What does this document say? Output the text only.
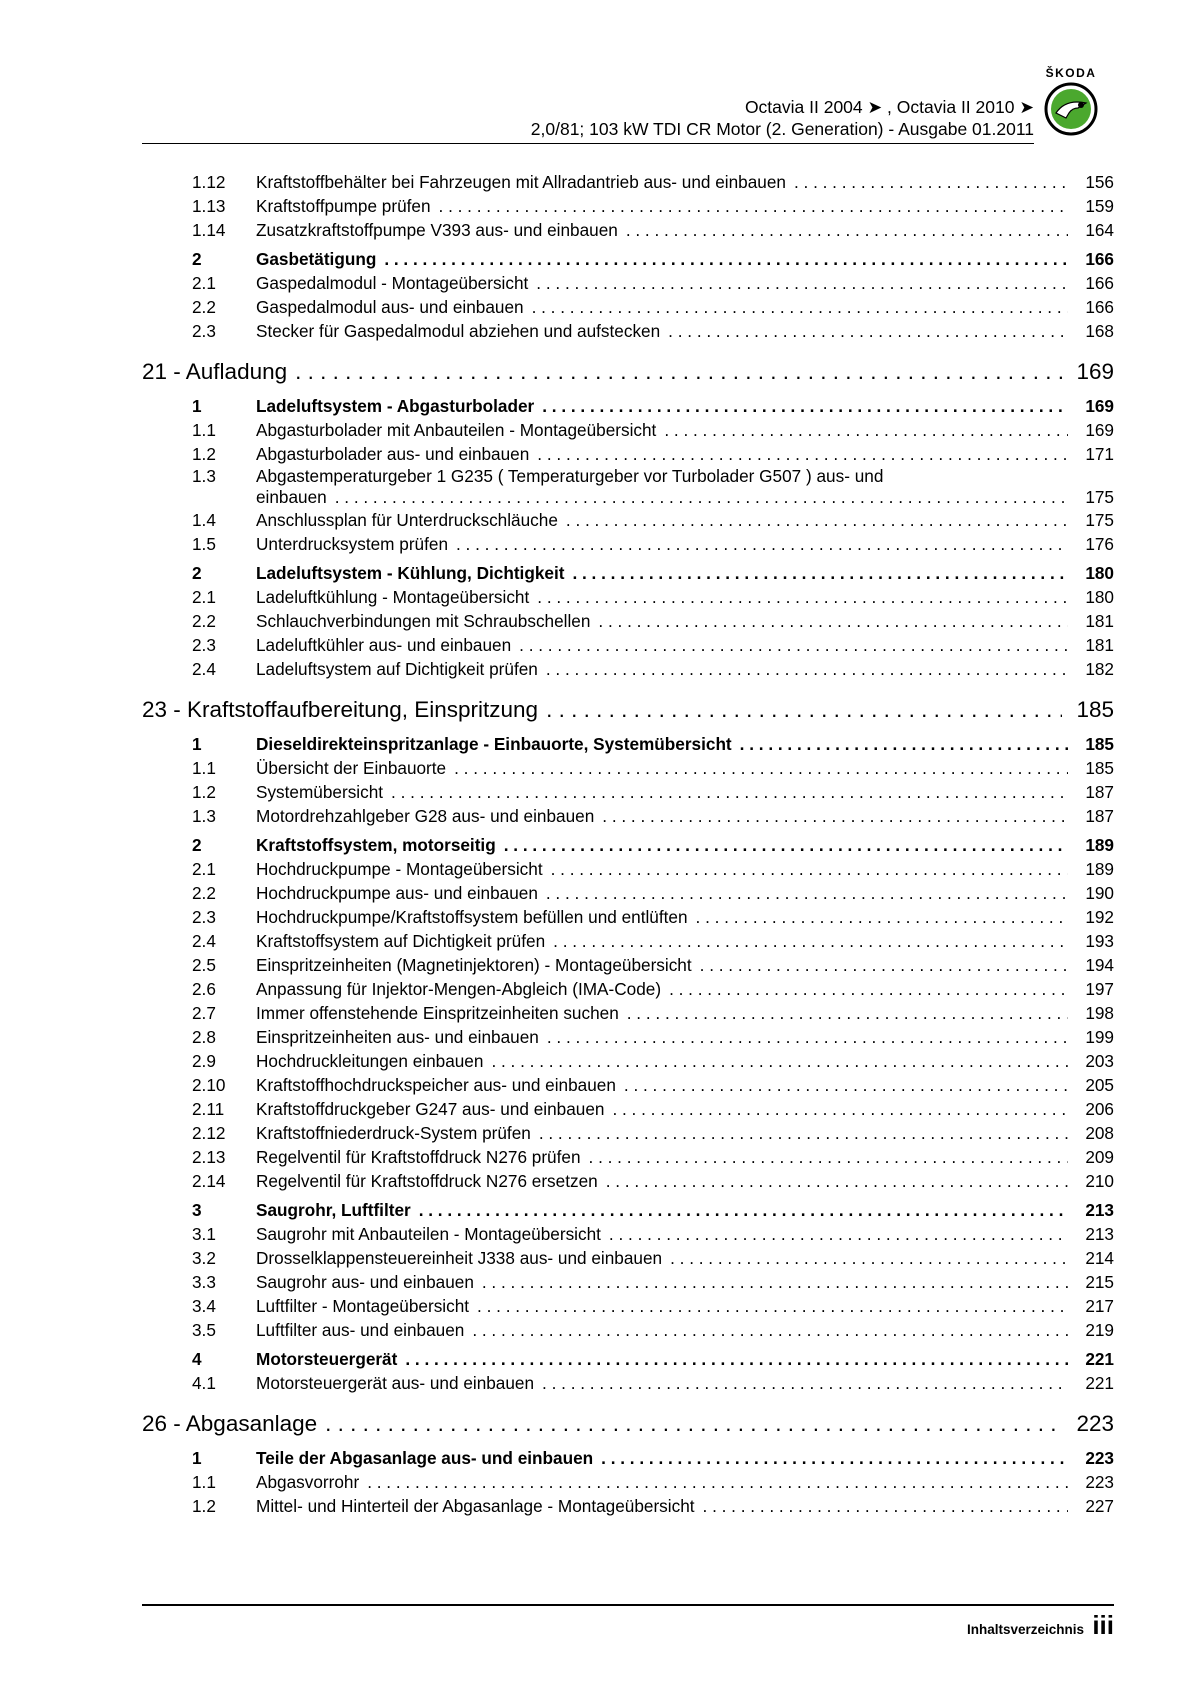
Octavia II 2004 ➤ , Octavia II 2010 ➤
2,0/81; 103 kW TDI CR Motor (2. Generation) - Ausgabe 01.2011
ŠKODA
1.12	Kraftstoffbehälter bei Fahrzeugen mit Allradantrieb aus- und einbauen . . .	156
1.13	Kraftstoffpumpe prüfen . . .	159
1.14	Zusatzkraftstoffpumpe V393 aus- und einbauen . . .	164
2	Gasbetätigung . . .	166
2.1	Gaspedalmodul - Montageübersicht . . .	166
2.2	Gaspedalmodul aus- und einbauen . . .	166
2.3	Stecker für Gaspedalmodul abziehen und aufstecken . . .	168
21 - Aufladung . . .	169
1	Ladeluftsystem - Abgasturbolader . . .	169
1.1	Abgasturbolader mit Anbauteilen - Montageübersicht . . .	169
1.2	Abgasturbolader aus- und einbauen . . .	171
1.3	Abgastemperaturgeber 1 G235 ( Temperaturgeber vor Turbolader G507 ) aus- und
einbauen . . .	175
1.4	Anschlussplan für Unterdruckschläuche . . .	175
1.5	Unterdrucksystem prüfen . . .	176
2	Ladeluftsystem - Kühlung, Dichtigkeit . . .	180
2.1	Ladeluftkühlung - Montageübersicht . . .	180
2.2	Schlauchverbindungen mit Schraubschellen . . .	181
2.3	Ladeluftkühler aus- und einbauen . . .	181
2.4	Ladeluftsystem auf Dichtigkeit prüfen . . .	182
23 - Kraftstoffaufbereitung, Einspritzung . . .	185
1	Dieseldirekteinspritzanlage - Einbauorte, Systemübersicht . . .	185
1.1	Übersicht der Einbauorte . . .	185
1.2	Systemübersicht . . .	187
1.3	Motordrehzahlgeber G28 aus- und einbauen . . .	187
2	Kraftstoffsystem, motorseitig . . .	189
2.1	Hochdruckpumpe - Montageübersicht . . .	189
2.2	Hochdruckpumpe aus- und einbauen . . .	190
2.3	Hochdruckpumpe/Kraftstoffsystem befüllen und entlüften . . .	192
2.4	Kraftstoffsystem auf Dichtigkeit prüfen . . .	193
2.5	Einspritzeinheiten (Magnetinjektoren) - Montageübersicht . . .	194
2.6	Anpassung für Injektor-Mengen-Abgleich (IMA-Code) . . .	197
2.7	Immer offenstehende Einspritzeinheiten suchen . . .	198
2.8	Einspritzeinheiten aus- und einbauen . . .	199
2.9	Hochdruckleitungen einbauen . . .	203
2.10	Kraftstoffhochdruckspeicher aus- und einbauen . . .	205
2.11	Kraftstoffdruckgeber G247 aus- und einbauen . . .	206
2.12	Kraftstoffniederdruck-System prüfen . . .	208
2.13	Regelventil für Kraftstoffdruck N276 prüfen . . .	209
2.14	Regelventil für Kraftstoffdruck N276 ersetzen . . .	210
3	Saugrohr, Luftfilter . . .	213
3.1	Saugrohr mit Anbauteilen - Montageübersicht . . .	213
3.2	Drosselklappensteuereinheit J338 aus- und einbauen . . .	214
3.3	Saugrohr aus- und einbauen . . .	215
3.4	Luftfilter - Montageübersicht . . .	217
3.5	Luftfilter aus- und einbauen . . .	219
4	Motorsteuergerät . . .	221
4.1	Motorsteuergerät aus- und einbauen . . .	221
26 - Abgasanlage . . .	223
1	Teile der Abgasanlage aus- und einbauen . . .	223
1.1	Abgasvorrohr . . .	223
1.2	Mittel- und Hinterteil der Abgasanlage - Montageübersicht . . .	227
Inhaltsverzeichnis iii
